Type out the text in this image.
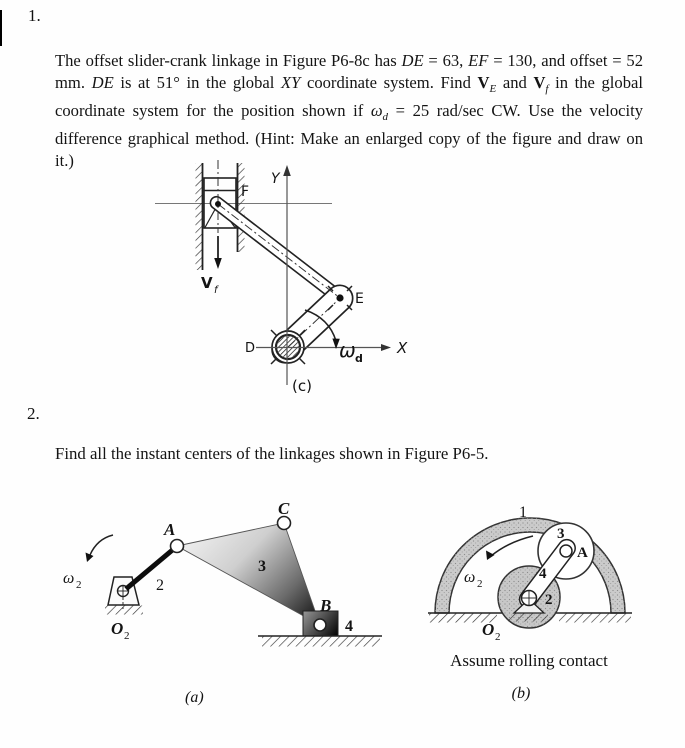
1.

The offset slider-crank linkage in Figure P6-8c has DE = 63, EF = 130, and offset = 52 mm. DE is at 51° in the global XY coordinate system. Find $V_E$ and $V_f$ in the global coordinate system for the position shown if $\omega_d = 25$ rad/sec CW. Use the velocity difference graphical method. (Hint: Make an enlarged copy of the figure and draw on it.)

Y
X
F
E
D
V f
ω d
(c)
2.

Find all the instant centers of the linkages shown in Figure P6-5.

A
C
B
2
3
4
ω 2
O 2
(a)
1
3
A
4
2
ω 2
O 2
Assume rolling contact
(b)
